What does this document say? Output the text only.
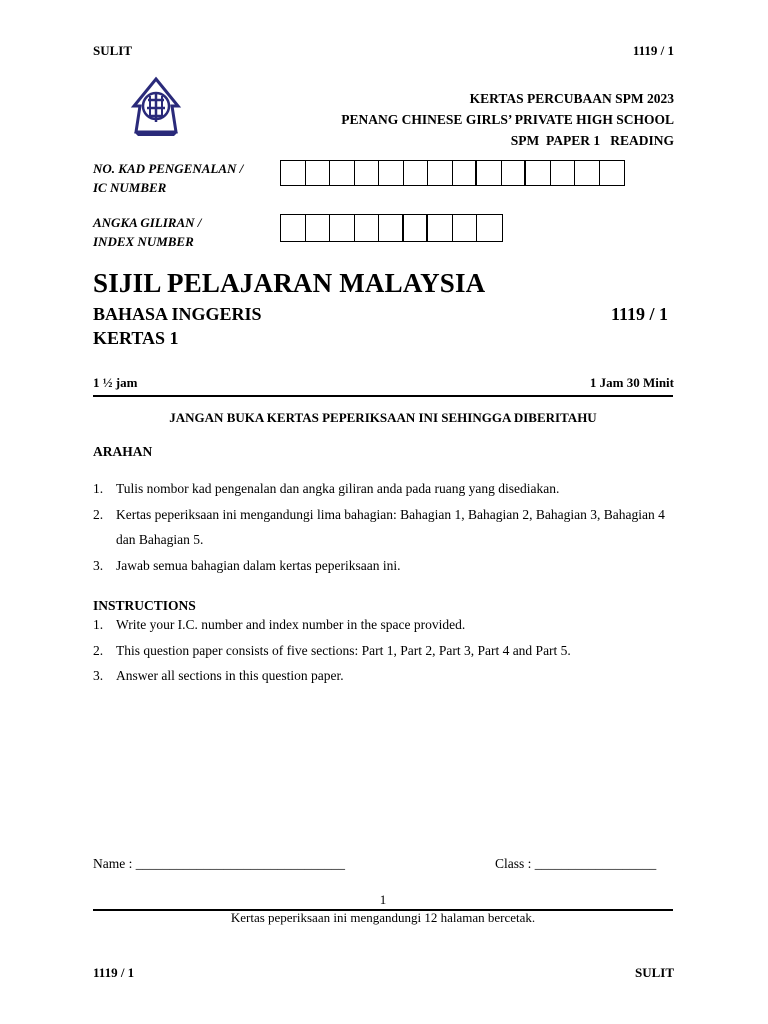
SULIT	1119 / 1
KERTAS PERCUBAAN SPM 2023
PENANG CHINESE GIRLS’ PRIVATE HIGH SCHOOL
SPM  PAPER 1   READING
NO. KAD PENGENALAN /
IC NUMBER
ANGKA GILIRAN /
INDEX NUMBER
SIJIL PELAJARAN MALAYSIA
BAHASA INGGERIS	1119 / 1
KERTAS 1
1 ½ jam	1 Jam 30 Minit
JANGAN BUKA KERTAS PEPERIKSAAN INI SEHINGGA DIBERITAHU
ARAHAN
1. Tulis nombor kad pengenalan dan angka giliran anda pada ruang yang disediakan.
2. Kertas peperiksaan ini mengandungi lima bahagian: Bahagian 1, Bahagian 2, Bahagian 3, Bahagian 4 dan Bahagian 5.
3. Jawab semua bahagian dalam kertas peperiksaan ini.
INSTRUCTIONS
1. Write your I.C. number and index number in the space provided.
2. This question paper consists of five sections: Part 1, Part 2, Part 3, Part 4 and Part 5.
3. Answer all sections in this question paper.
Name : _______________________________	Class : __________________
1
Kertas peperiksaan ini mengandungi 12 halaman bercetak.
1119 / 1	SULIT
